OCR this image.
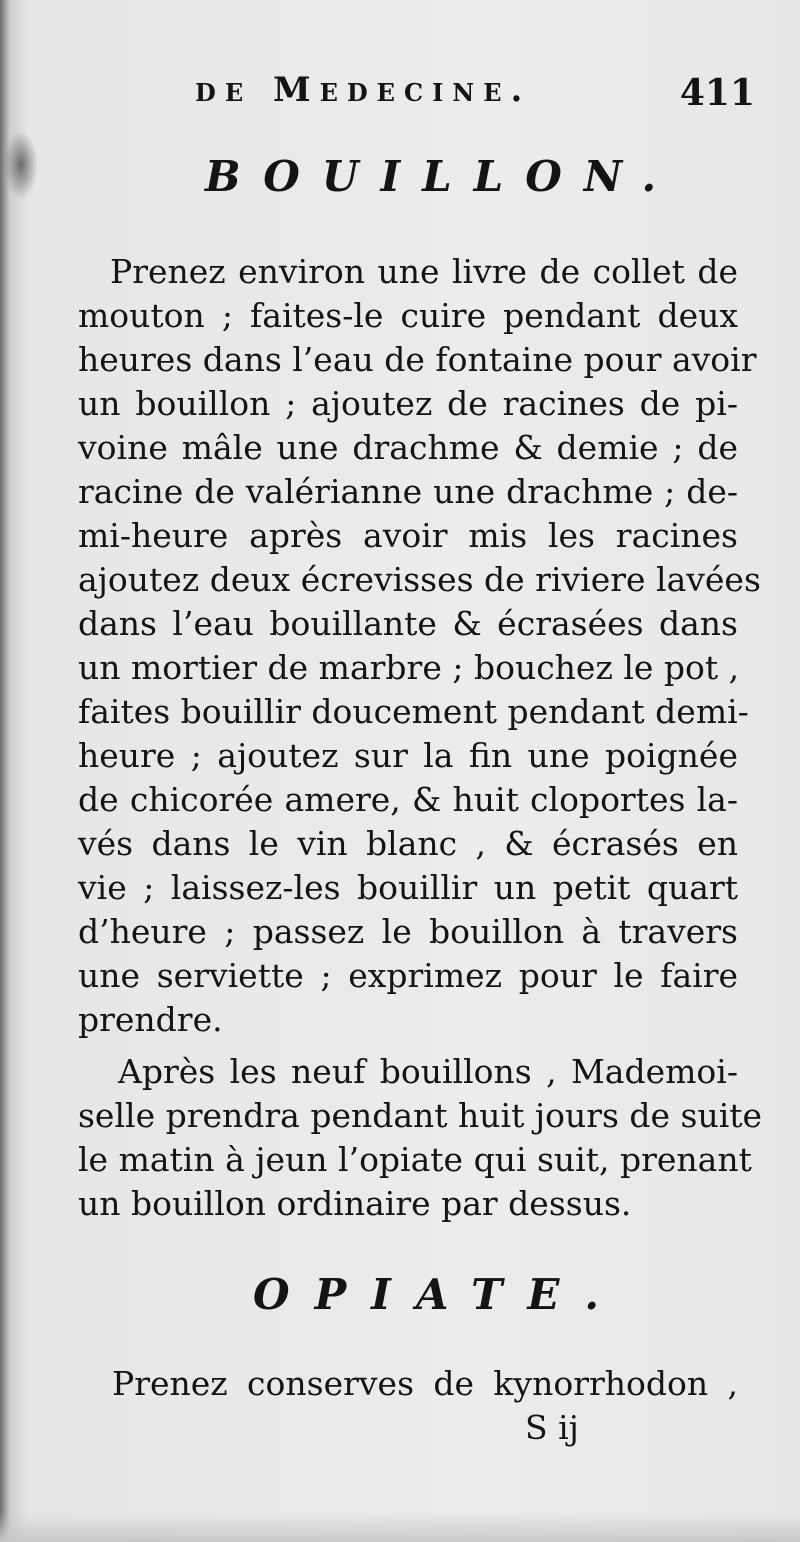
de Medecine.	411
BOUILLON.
Prenez environ une livre de collet de
mouton ; faites-le cuire pendant deux
heures dans l’eau de fontaine pour avoir
un bouillon ; ajoutez de racines de pi-
voine mâle une drachme & demie ; de
racine de valérianne une drachme ; de-
mi-heure après avoir mis les racines
ajoutez deux écrevisses de riviere lavées
dans l’eau bouillante & écrasées dans
un mortier de marbre ; bouchez le pot ,
faites bouillir doucement pendant demi-
heure ; ajoutez sur la fin une poignée
de chicorée amere, & huit cloportes la-
vés dans le vin blanc , & écrasés en
vie ; laissez-les bouillir un petit quart
d’heure ; passez le bouillon à travers
une serviette ; exprimez pour le faire
prendre.
Après les neuf bouillons , Mademoi-
selle prendra pendant huit jours de suite
le matin à jeun l’opiate qui suit, prenant
un bouillon ordinaire par dessus.
OPIATE.
Prenez conserves de kynorrhodon ,
S ij
